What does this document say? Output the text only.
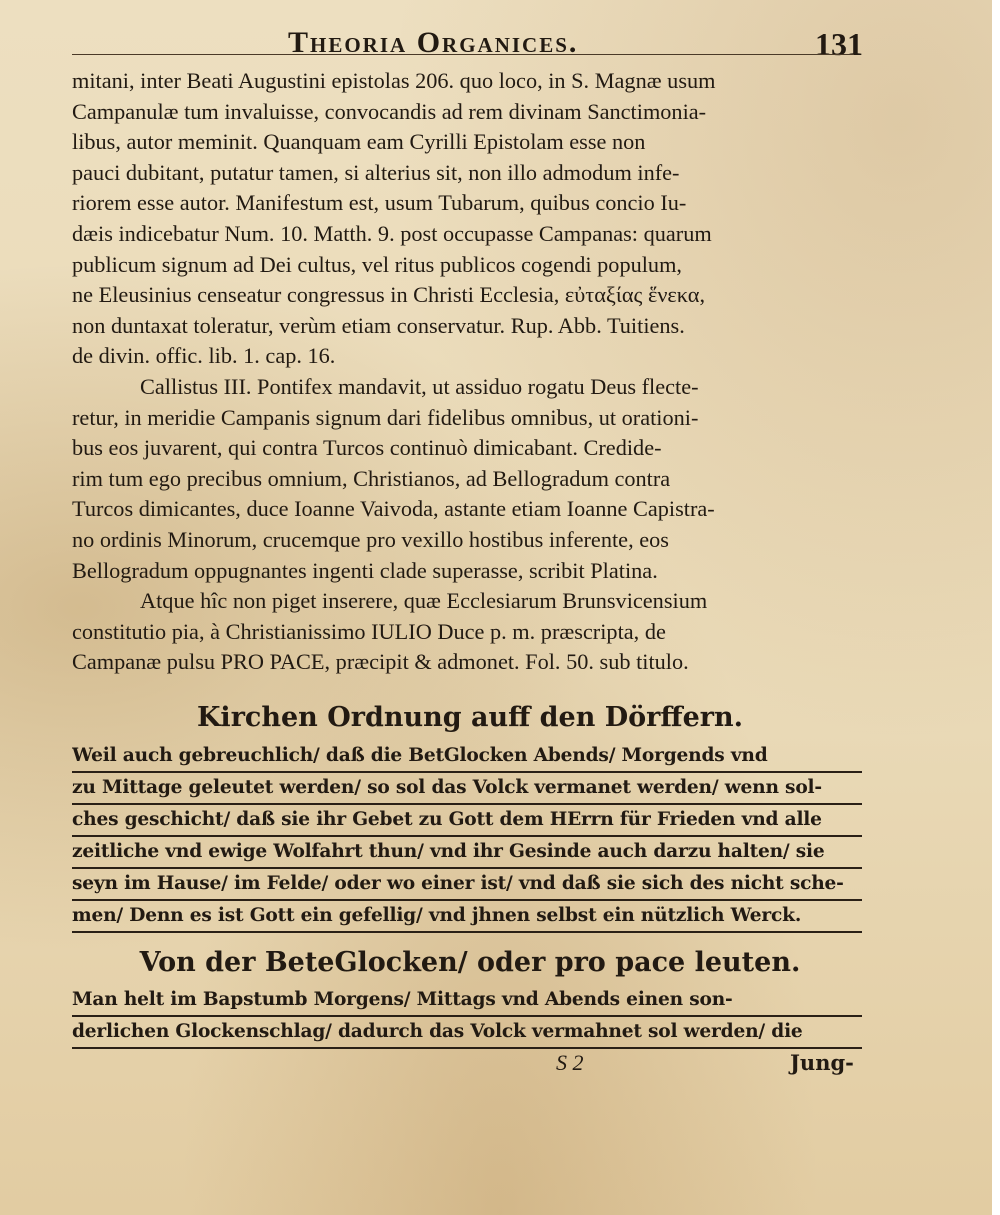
Theoria Organices.	131

mitani, inter Beati Augustini epistolas 206. quo loco, in S. Magnæ usum

Campanulæ tum invaluisse, convocandis ad rem divinam Sanctimonia-

libus, autor meminit. Quanquam eam Cyrilli Epistolam esse non

pauci dubitant, putatur tamen, si alterius sit, non illo admodum infe-

riorem esse autor. Manifestum est, usum Tubarum, quibus concio Iu-

dæis indicebatur Num. 10. Matth. 9. post occupasse Campanas: quarum

publicum signum ad Dei cultus, vel ritus publicos cogendi populum,

ne Eleusinius censeatur congressus in Christi Ecclesia, εὐταξίας ἕνεκα,

non duntaxat toleratur, verùm etiam conservatur. Rup. Abb. Tuitiens.

de divin. offic. lib. 1. cap. 16.

Callistus III. Pontifex mandavit, ut assiduo rogatu Deus flecte-

retur, in meridie Campanis signum dari fidelibus omnibus, ut orationi-

bus eos juvarent, qui contra Turcos continuò dimicabant. Credide-

rim tum ego precibus omnium, Christianos, ad Bellogradum contra

Turcos dimicantes, duce Ioanne Vaivoda, astante etiam Ioanne Capistra-

no ordinis Minorum, crucemque pro vexillo hostibus inferente, eos

Bellogradum oppugnantes ingenti clade superasse, scribit Platina.

Atque hîc non piget inserere, quæ Ecclesiarum Brunsvicensium

constitutio pia, à Christianissimo IULIO Duce p. m. præscripta, de

Campanæ pulsu PRO PACE, præcipit & admonet. Fol. 50. sub titulo.

Kirchen Ordnung auff den Dörffern.
Weil auch gebreuchlich/ daß die BetGlocken Abends/ Morgends vnd
zu Mittage geleutet werden/ so sol das Volck vermanet werden/ wenn sol-
ches geschicht/ daß sie ihr Gebet zu Gott dem HErrn für Frieden vnd alle
zeitliche vnd ewige Wolfahrt thun/ vnd ihr Gesinde auch darzu halten/ sie
seyn im Hause/ im Felde/ oder wo einer ist/ vnd daß sie sich des nicht sche-
men/ Denn es ist Gott ein gefellig/ vnd jhnen selbst ein nützlich Werck.
Von der BeteGlocken/ oder pro pace leuten.
Man helt im Bapstumb Morgens/ Mittags vnd Abends einen son-
derlichen Glockenschlag/ dadurch das Volck vermahnet sol werden/ die
S 2	Jung-
